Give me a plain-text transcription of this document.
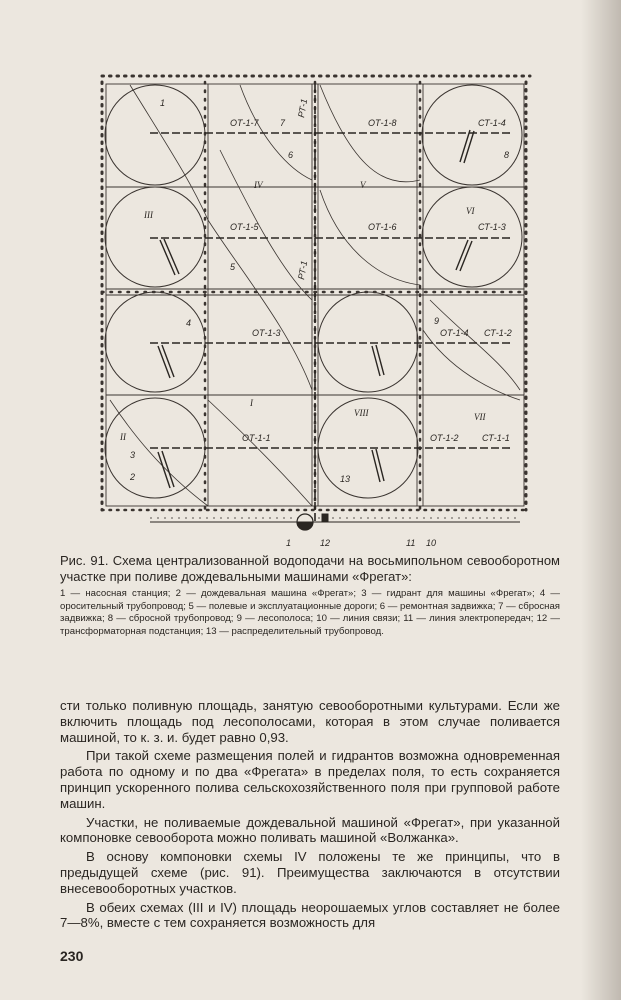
ОТ-1-7	ОТ-1-8	СТ-1-4
ОТ-1-5	ОТ-1-6	СТ-1-3
ОТ-1-3	ОТ-1-4 СТ-1-2
ОТ-1-1	ОТ-1-2	СТ-1-1
РТ-1
РТ-1
IV	V
VI
III
I
II
VIII	VII
1
2
3
4
5
6
7
8
9
13
1	12	11 10

Рис. 91. Схема централизованной водоподачи на восьмипольном севооборотном участке при поливе дождевальными машинами «Фрегат»:

1 — насосная станция; 2 — дождевальная машина «Фрегат»; 3 — гидрант для машины «Фрегат»; 4 — оросительный трубопровод; 5 — полевые и эксплуатационные дороги; 6 — ремонтная задвижка; 7 — сбросная задвижка; 8 — сбросной трубопровод; 9 — лесополоса; 10 — линия связи; 11 — линия электропередач; 12 — трансформаторная подстанция; 13 — распределительный трубопровод.

сти только поливную площадь, занятую севооборотными культурами. Если же включить площадь под лесополосами, которая в этом случае поливается машиной, то к. з. и. будет равно 0,93.

При такой схеме размещения полей и гидрантов возможна одновременная работа по одному и по два «Фрегата» в пределах поля, то есть сохраняется принцип ускоренного полива сельскохозяйственного поля при групповой работе машин.

Участки, не поливаемые дождевальной машиной «Фрегат», при указанной компоновке севооборота можно поливать машиной «Волжанка».

В основу компоновки схемы IV положены те же принципы, что в предыдущей схеме (рис. 91). Преимущества заключаются в отсутствии внесевооборотных участков.

В обеих схемах (III и IV) площадь неорошаемых углов составляет не более 7—8%, вместе с тем сохраняется возможность для

230
